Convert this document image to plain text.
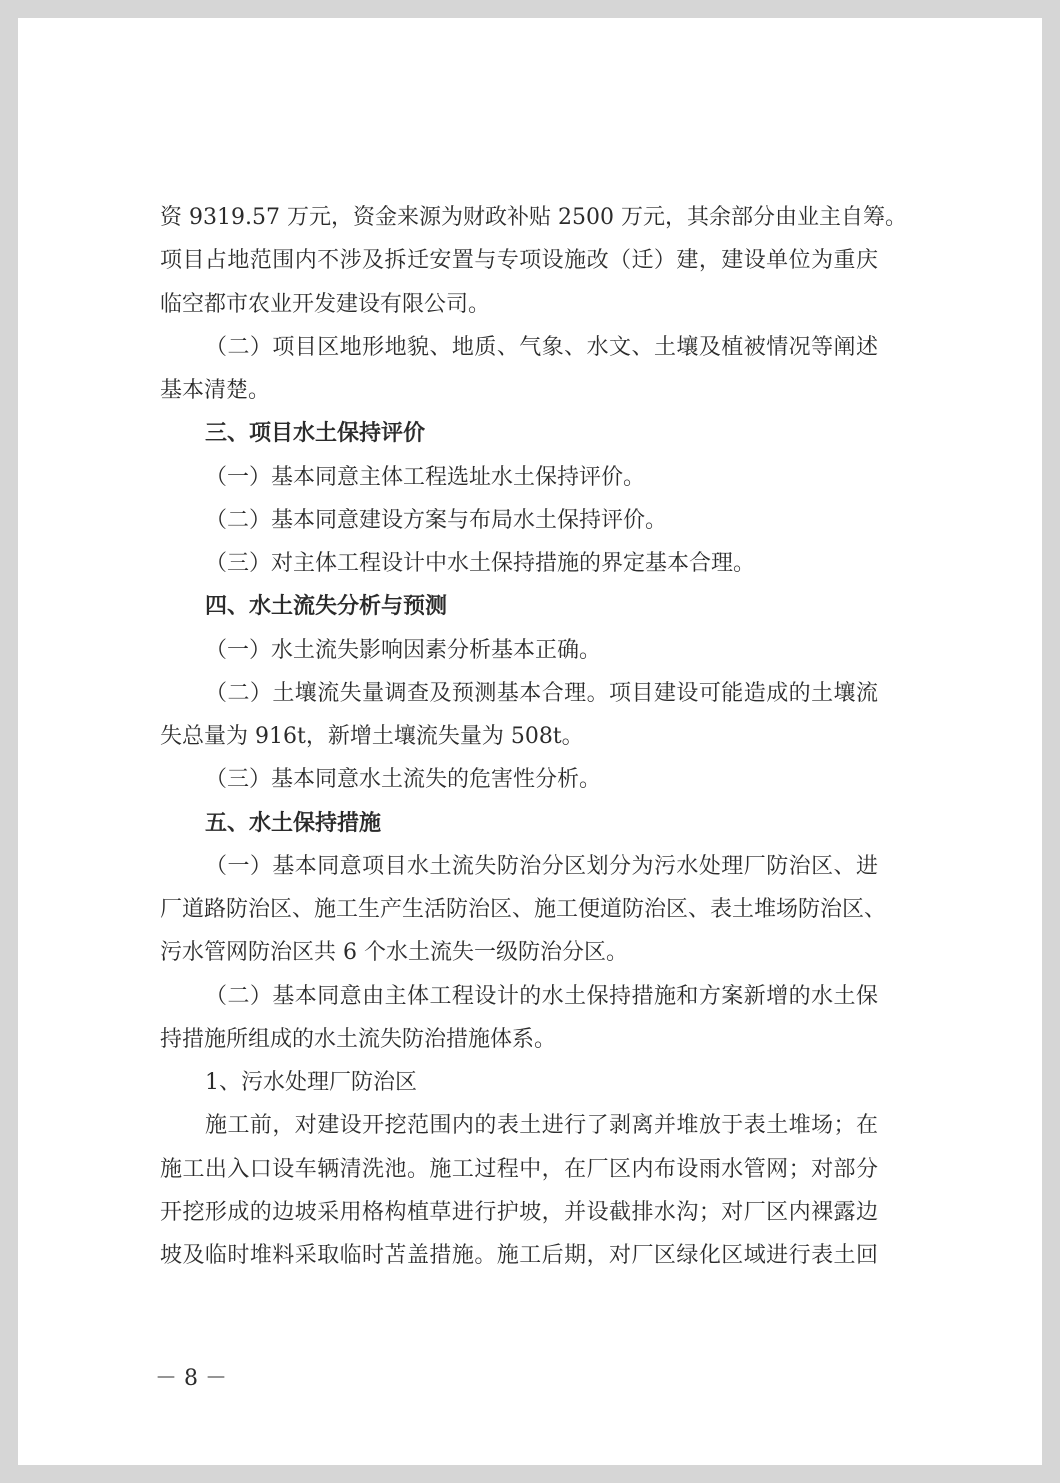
资 9319.57 万元，资金来源为财政补贴 2500 万元，其余部分由业主自筹。
项目占地范围内不涉及拆迁安置与专项设施改（迁）建，建设单位为重庆
临空都市农业开发建设有限公司。
（二）项目区地形地貌、地质、气象、水文、土壤及植被情况等阐述
基本清楚。
三、项目水土保持评价
（一）基本同意主体工程选址水土保持评价。
（二）基本同意建设方案与布局水土保持评价。
（三）对主体工程设计中水土保持措施的界定基本合理。
四、水土流失分析与预测
（一）水土流失影响因素分析基本正确。
（二）土壤流失量调查及预测基本合理。项目建设可能造成的土壤流
失总量为 916t，新增土壤流失量为 508t。
（三）基本同意水土流失的危害性分析。
五、水土保持措施
（一）基本同意项目水土流失防治分区划分为污水处理厂防治区、进
厂道路防治区、施工生产生活防治区、施工便道防治区、表土堆场防治区、
污水管网防治区共 6 个水土流失一级防治分区。
（二）基本同意由主体工程设计的水土保持措施和方案新增的水土保
持措施所组成的水土流失防治措施体系。
1、污水处理厂防治区
施工前，对建设开挖范围内的表土进行了剥离并堆放于表土堆场；在
施工出入口设车辆清洗池。施工过程中，在厂区内布设雨水管网；对部分
开挖形成的边坡采用格构植草进行护坡，并设截排水沟；对厂区内裸露边
坡及临时堆料采取临时苫盖措施。施工后期，对厂区绿化区域进行表土回
－ 8 －
